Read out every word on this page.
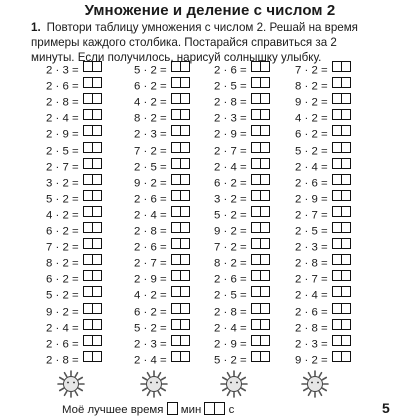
Умножение и деление с числом 2
1. Повтори таблицу умножения с числом 2. Решай на время примеры каждого столбика. Постарайся справиться за 2 минуты. Если получилось, нарисуй солнышку улыбку.
2 · 3 =
2 · 6 =
2 · 8 =
2 · 4 =
2 · 9 =
2 · 5 =
2 · 7 =
3 · 2 =
5 · 2 =
4 · 2 =
6 · 2 =
7 · 2 =
8 · 2 =
6 · 2 =
5 · 2 =
9 · 2 =
2 · 4 =
2 · 6 =
2 · 8 =
5 · 2 =
6 · 2 =
4 · 2 =
8 · 2 =
2 · 3 =
7 · 2 =
2 · 5 =
9 · 2 =
2 · 6 =
2 · 4 =
2 · 8 =
2 · 6 =
2 · 7 =
2 · 9 =
4 · 2 =
6 · 2 =
5 · 2 =
2 · 3 =
2 · 4 =
2 · 6 =
2 · 5 =
2 · 8 =
2 · 3 =
2 · 9 =
2 · 7 =
2 · 4 =
6 · 2 =
3 · 2 =
5 · 2 =
9 · 2 =
7 · 2 =
8 · 2 =
2 · 6 =
2 · 5 =
2 · 8 =
2 · 4 =
2 · 9 =
5 · 2 =
7 · 2 =
8 · 2 =
9 · 2 =
4 · 2 =
6 · 2 =
5 · 2 =
2 · 4 =
2 · 6 =
2 · 9 =
2 · 7 =
2 · 5 =
2 · 3 =
2 · 8 =
2 · 7 =
2 · 4 =
2 · 6 =
2 · 8 =
2 · 3 =
9 · 2 =
Моё лучшее время мин с	5
